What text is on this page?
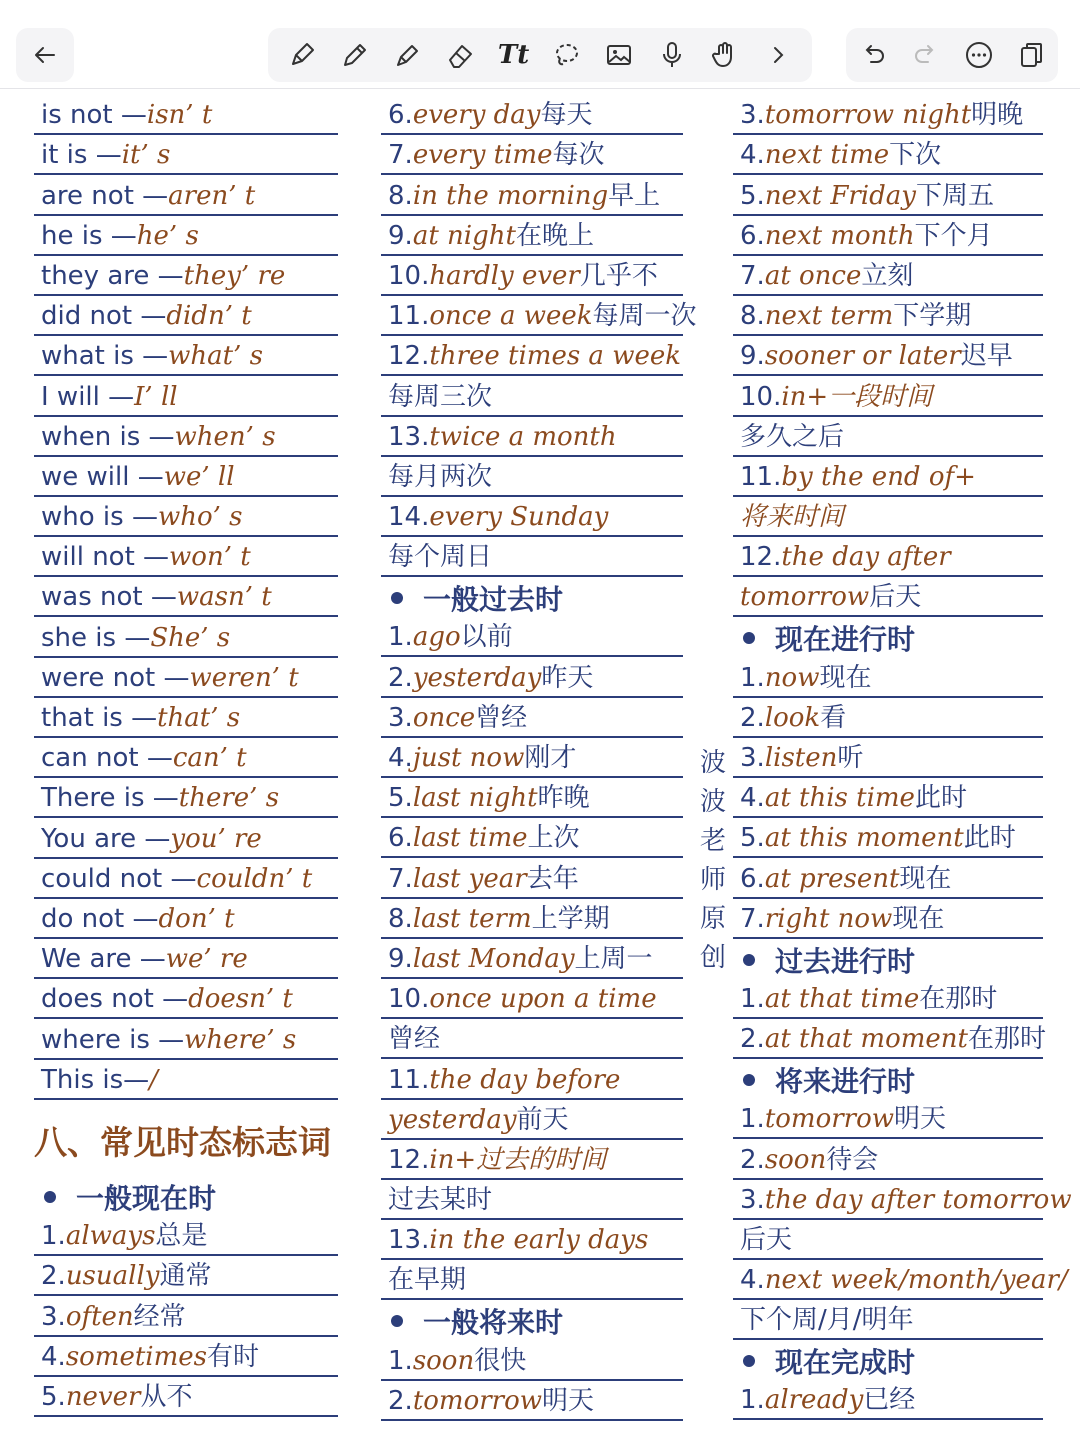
Tt
is not — isn’ t
it is — it’ s
are not — aren’ t
he is — he’ s
they are — they’ re
did not — didn’ t
what is — what’ s
I will — I’ ll
when is — when’ s
we will — we’ ll
who is — who’ s
will not — won’ t
was not — wasn’ t
she is — She’ s
were not — weren’ t
that is — that’ s
can not — can’ t
There is — there’ s
You are — you’ re
could not — couldn’ t
do not — don’ t
We are — we’ re
does not — doesn’ t
where is — where’ s
This is— /
八、常见时态标志词
一般现在时
1. always 总是
2. usually 通常
3. often 经常
4. sometimes 有时
5. never 从不
6. every day 每天
7. every time 每次
8. in the morning 早上
9. at night 在晚上
10. hardly ever 几乎不
11. once a week 每周一次
12. three times a week
每周三次
13. twice a month
每月两次
14. every Sunday
每个周日
一般过去时
1. ago 以前
2. yesterday 昨天
3. once 曾经
4. just now 刚才
5. last night 昨晚
6. last time 上次
7. last year 去年
8. last term 上学期
9. last Monday 上周一
10. once upon a time
曾经
11. the day before
yesterday 前天
12. in+过去的时间
过去某时
13. in the early days
在早期
一般将来时
1. soon 很快
2. tomorrow 明天
波
波
老
师
原
创
3. tomorrow night 明晚
4. next time 下次
5. next Friday 下周五
6. next month 下个月
7. at once 立刻
8. next term 下学期
9. sooner or later 迟早
10. in+一段时间
多久之后
11. by the end of+
将来时间
12. the day after
tomorrow 后天
现在进行时
1. now 现在
2. look 看
3. listen 听
4. at this time 此时
5. at this moment 此时
6. at present 现在
7. right now 现在
过去进行时
1. at that time 在那时
2. at that moment 在那时
将来进行时
1. tomorrow 明天
2. soon 待会
3. the day after tomorrow
后天
4. next week/month/year/
下个周/月/明年
现在完成时
1. already 已经
